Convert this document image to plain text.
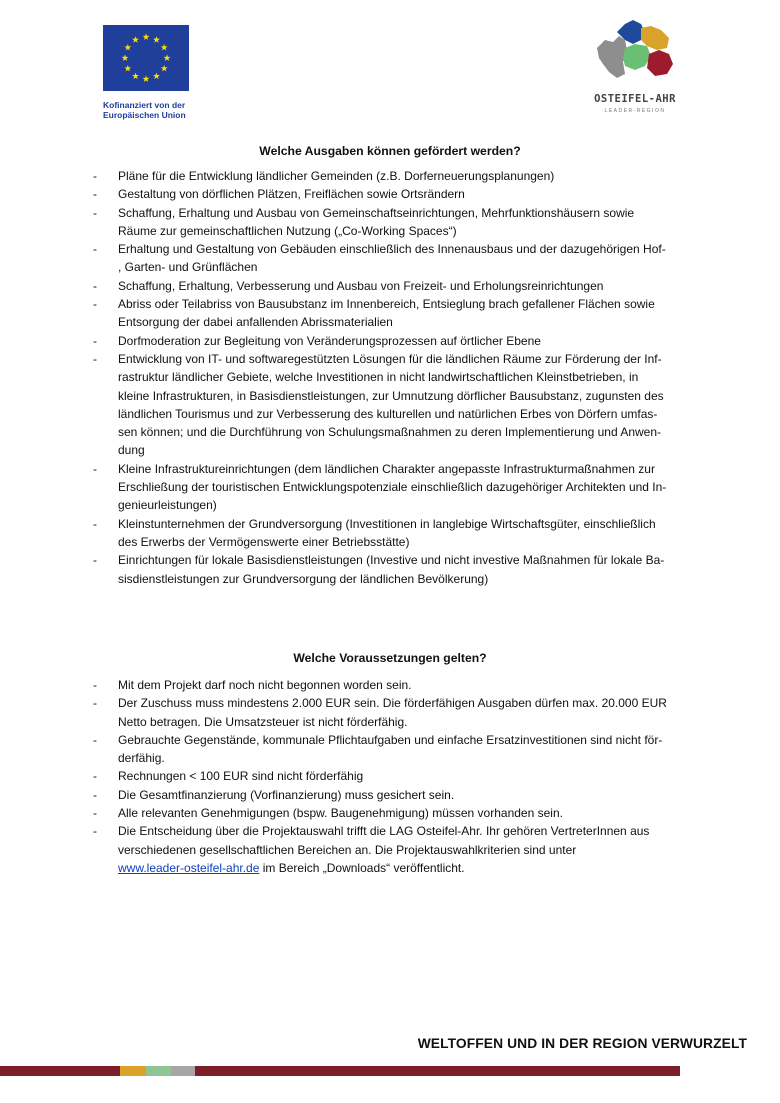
Kofinanziert von der
Europäischen Union
OSTEIFEL-AHR
LEADER-REGION
Welche Ausgaben können gefördert werden?
- Pläne für die Entwicklung ländlicher Gemeinden (z.B. Dorferneuerungsplanungen)
- Gestaltung von dörflichen Plätzen, Freiflächen sowie Ortsrändern
- Schaffung, Erhaltung und Ausbau von Gemeinschaftseinrichtungen, Mehrfunktionshäusern sowie
Räume zur gemeinschaftlichen Nutzung („Co-Working Spaces“)
- Erhaltung und Gestaltung von Gebäuden einschließlich des Innenausbaus und der dazugehörigen Hof-
, Garten- und Grünflächen
- Schaffung, Erhaltung, Verbesserung und Ausbau von Freizeit- und Erholungsreinrichtungen
- Abriss oder Teilabriss von Bausubstanz im Innenbereich, Entsieglung brach gefallener Flächen sowie
Entsorgung der dabei anfallenden Abrissmaterialien
- Dorfmoderation zur Begleitung von Veränderungsprozessen auf örtlicher Ebene
- Entwicklung von IT- und softwaregestützten Lösungen für die ländlichen Räume zur Förderung der Inf-
rastruktur ländlicher Gebiete, welche Investitionen in nicht landwirtschaftlichen Kleinstbetrieben, in
kleine Infrastrukturen, in Basisdienstleistungen, zur Umnutzung dörflicher Bausubstanz, zugunsten des
ländlichen Tourismus und zur Verbesserung des kulturellen und natürlichen Erbes von Dörfern umfas-
sen können; und die Durchführung von Schulungsmaßnahmen zu deren Implementierung und Anwen-
dung
- Kleine Infrastruktureinrichtungen (dem ländlichen Charakter angepasste Infrastrukturmaßnahmen zur
Erschließung der touristischen Entwicklungspotenziale einschließlich dazugehöriger Architekten und In-
genieurleistungen)
- Kleinstunternehmen der Grundversorgung (Investitionen in langlebige Wirtschaftsgüter, einschließlich
des Erwerbs der Vermögenswerte einer Betriebsstätte)
- Einrichtungen für lokale Basisdienstleistungen (Investive und nicht investive Maßnahmen für lokale Ba-
sisdienstleistungen zur Grundversorgung der ländlichen Bevölkerung)
Welche Voraussetzungen gelten?
- Mit dem Projekt darf noch nicht begonnen worden sein.
- Der Zuschuss muss mindestens 2.000 EUR sein. Die förderfähigen Ausgaben dürfen max. 20.000 EUR
Netto betragen. Die Umsatzsteuer ist nicht förderfähig.
- Gebrauchte Gegenstände, kommunale Pflichtaufgaben und einfache Ersatzinvestitionen sind nicht för-
derfähig.
- Rechnungen < 100 EUR sind nicht förderfähig
- Die Gesamtfinanzierung (Vorfinanzierung) muss gesichert sein.
- Alle relevanten Genehmigungen (bspw. Baugenehmigung) müssen vorhanden sein.
- Die Entscheidung über die Projektauswahl trifft die LAG Osteifel-Ahr. Ihr gehören VertreterInnen aus
verschiedenen gesellschaftlichen Bereichen an. Die Projektauswahlkriterien sind unter
www.leader-osteifel-ahr.de im Bereich „Downloads“ veröffentlicht.
WELTOFFEN UND IN DER REGION VERWURZELT
